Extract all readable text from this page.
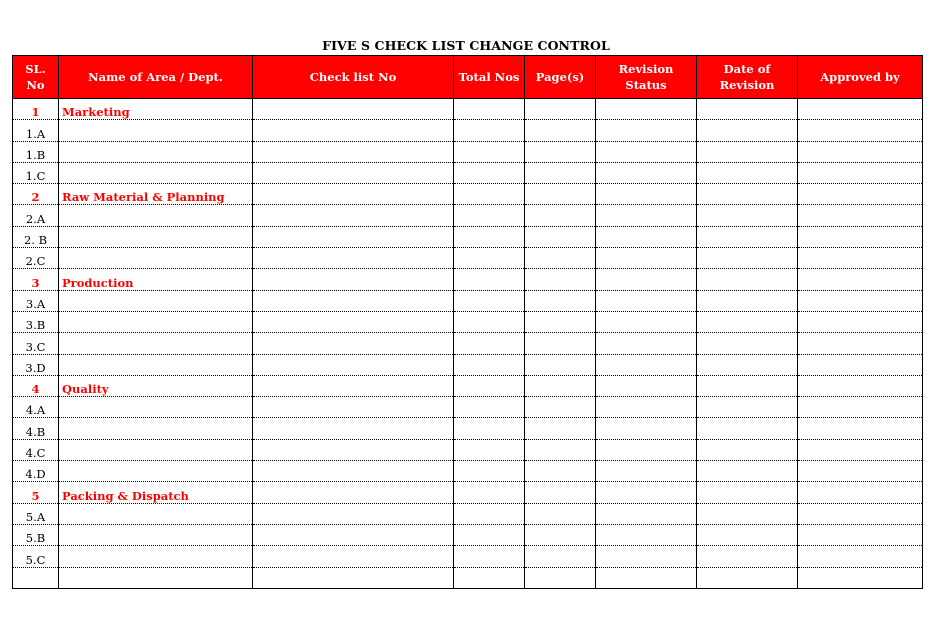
FIVE S CHECK LIST CHANGE CONTROL
SL. No	Name of Area / Dept.	Check list No	Total Nos	Page(s)	Revision Status	Date of Revision	Approved by
1	Marketing						
1.A							
1.B							
1.C							
2	Raw Material & Planning						
2.A							
2. B							
2.C							
3	Production						
3.A							
3.B							
3.C							
3.D							
4	Quality						
4.A							
4.B							
4.C							
4.D							
5	Packing & Dispatch						
5.A							
5.B							
5.C							
